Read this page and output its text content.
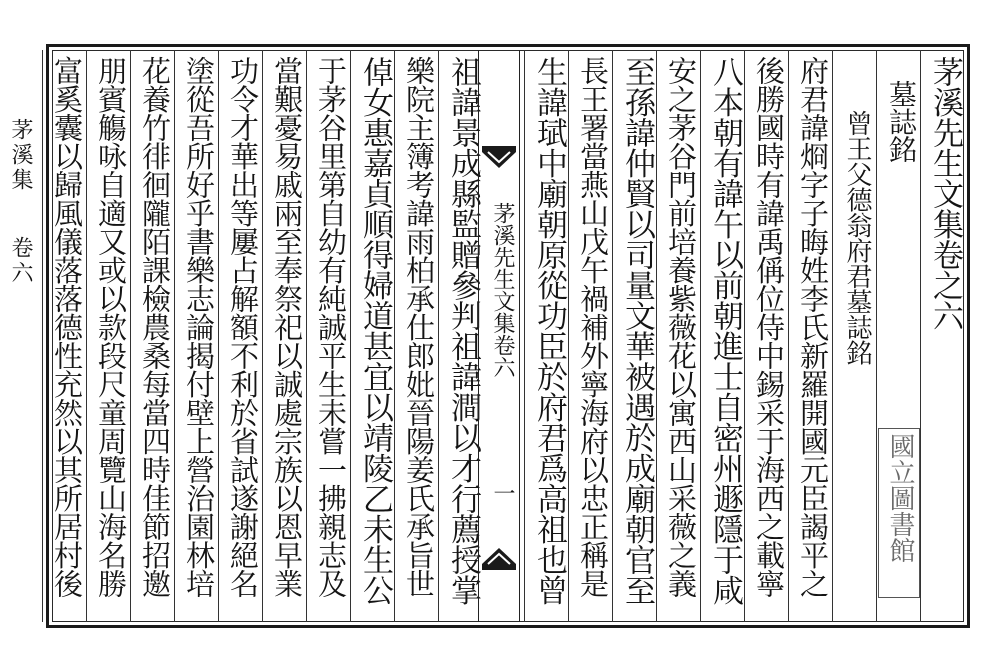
茅溪集
卷六	茅溪先生文集卷之六
墓誌銘
曾王父德翁府君墓誌銘
府君諱烱字子晦姓李氏新羅開國元臣謁平之
後勝國時有諱禹偁位侍中錫采于海西之載寧
八本朝有諱午以前朝進士自密州遯隱于咸
安之茅谷門前培養紫薇花以寓西山采薇之義
至孫諱仲賢以司量文華被遇於成廟朝官至
長王署當燕山戊午禍補外寧海府以忠正稱是
生諱珷中廟朝原從功臣於府君爲高祖也曾
祖諱景成縣監贈參判祖諱澗以才行薦授掌
樂院主簿考諱雨柏承仕郎妣晉陽姜氏承旨世
倬女惠嘉貞順得婦道甚宜以靖陵乙未生公
于茅谷里第自幼有純誠平生未嘗一拂親志及
當艱憂易戚兩至奉祭祀以誠處宗族以恩早業
功令才華出等屢占解額不利於省試遂謝絕名
塗從吾所好乎書樂志論揭付壁上營治園林培
花養竹徘徊隴陌課檢農桑每當四時佳節招邀
朋賓觴咏自適又或以款段尺童周覽山海名勝
富奚囊以歸風儀落落德性充然以其所居村後	茅溪先生文集卷六
一	國立圖書館
